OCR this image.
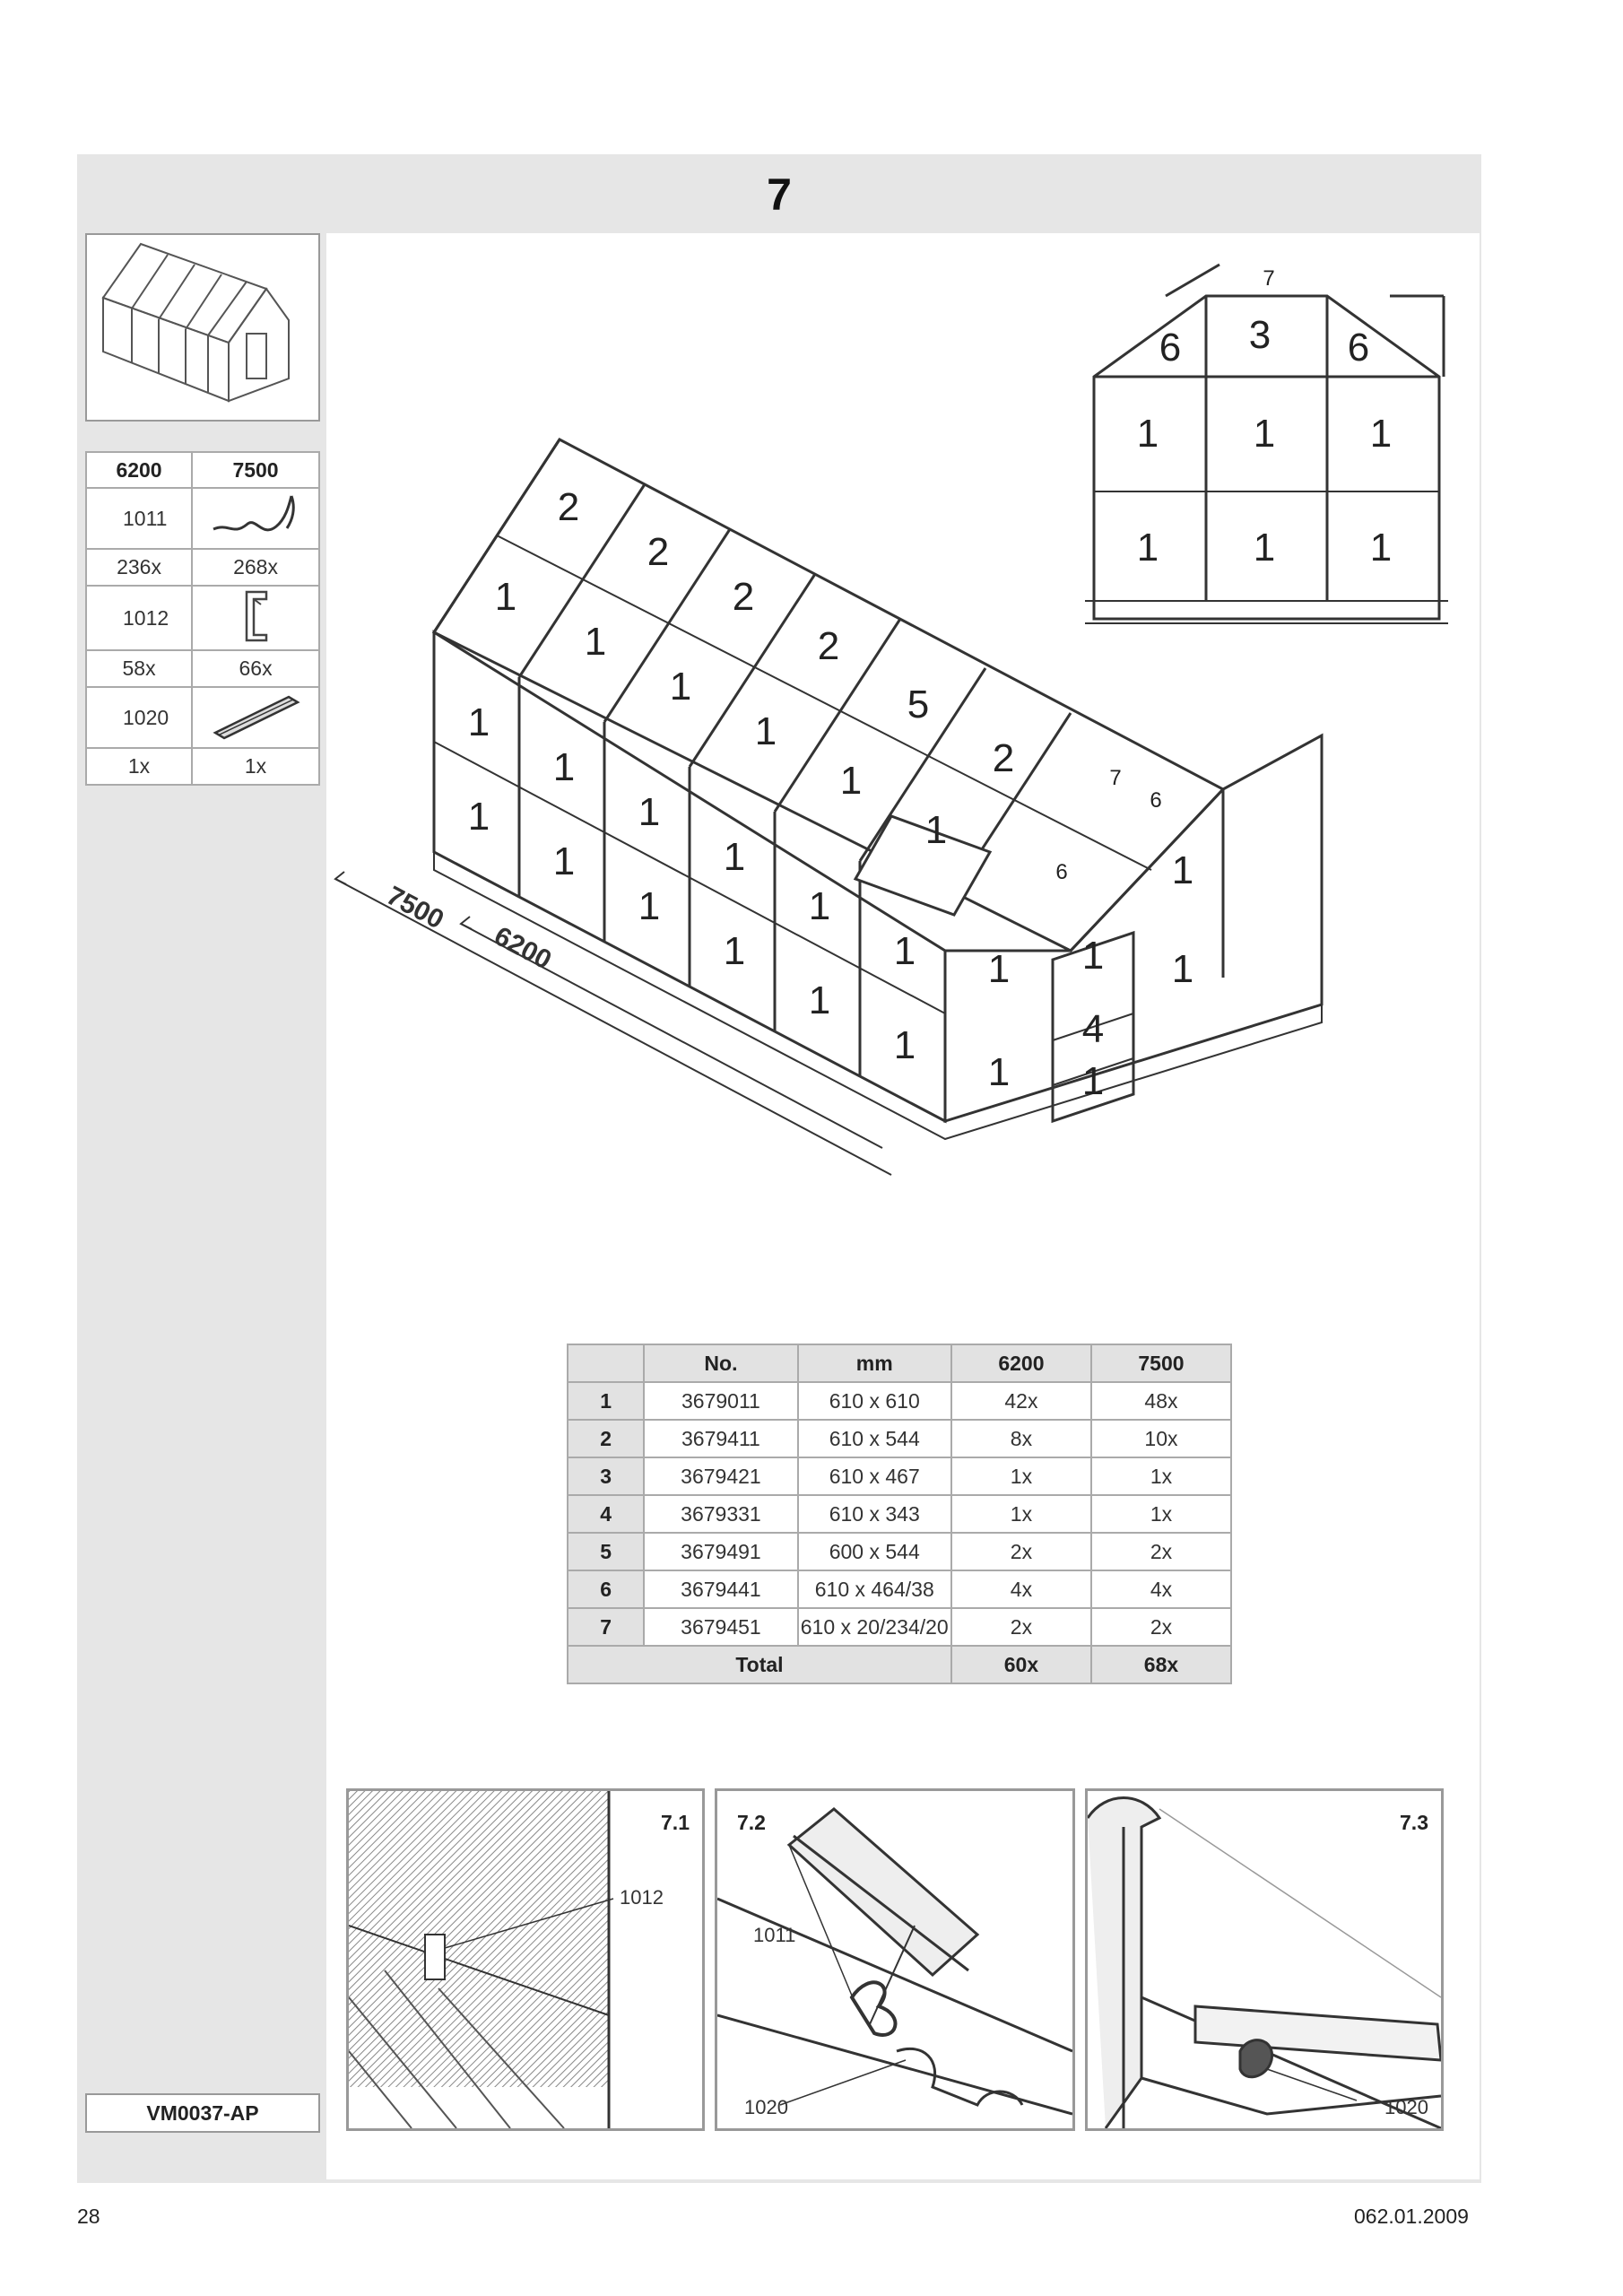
7
6200	7500
1011	
236x	268x
1012	
58x	66x
1020	
1x	1x
VM0037-AP
2
2
2
2
2
5
1
1
1
1
1
1
1
1
1
1
1
1
1
1
1
1
1
1
1
1
1
4
1
1
1
6
6
7
7500
6200
3
6	6
1 1 1
1 1 1
7
	No.	mm	6200	7500
1	3679011	610 x 610	42x	48x
2	3679411	610 x 544	8x	10x
3	3679421	610 x 467	1x	1x
4	3679331	610 x 343	1x	1x
5	3679491	600 x 544	2x	2x
6	3679441	610 x 464/38	4x	4x
7	3679451	610 x 20/234/20	2x	2x
Total			60x	68x
7.1
1012
7.2
1011
1020
7.3
1020
28	062.01.2009
